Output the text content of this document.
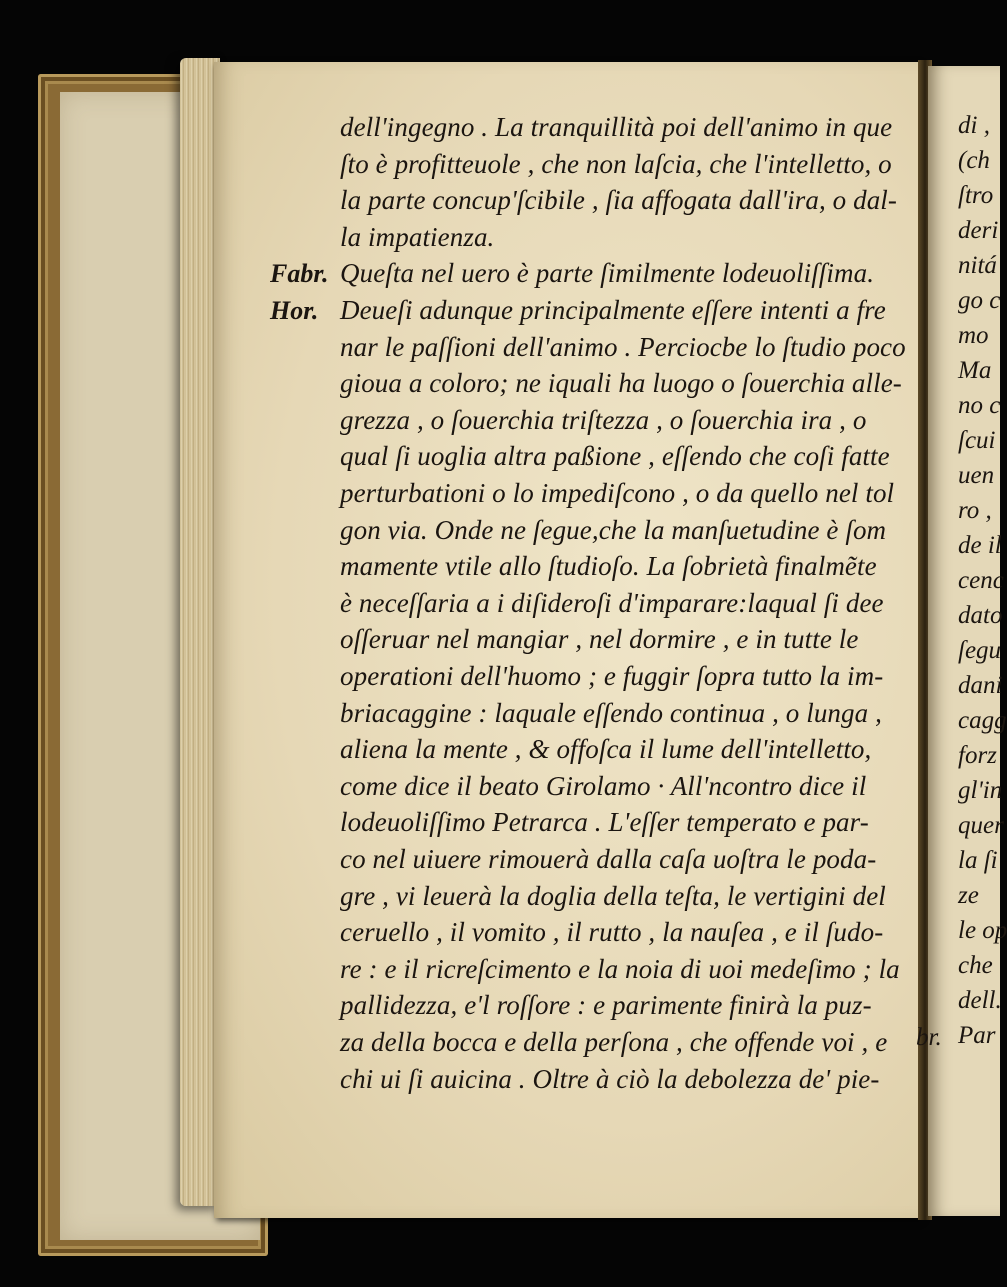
dell'ingegno . La tranquillità poi dell'animo in que
ſto è profitteuole , che non laſcia, che l'intelletto, o
la parte concup'ſcibile , ſia affogata dall'ira, o dal-
la impatienza.
Queſta nel uero è parte ſimilmente lodeuoliſſima.
Deueſi adunque principalmente eſſere intenti a fre
nar le paſſioni dell'animo . Perciocbe lo ſtudio poco
gioua a coloro; ne iquali ha luogo o ſouerchia alle-
grezza , o ſouerchia triſtezza , o ſouerchia ira , o
qual ſi uoglia altra paßione , eſſendo che coſi fatte
perturbationi o lo impediſcono , o da quello nel tol
gon via. Onde ne ſegue,che la manſuetudine è ſom
mamente vtile allo ſtudioſo. La ſobrietà finalmẽte
è neceſſaria a i diſideroſi d'imparare:laqual ſi dee
oſſeruar nel mangiar , nel dormire , e in tutte le
operationi dell'huomo ; e fuggir ſopra tutto la im-
briacaggine : laquale eſſendo continua , o lunga ,
aliena la mente , & offoſca il lume dell'intelletto,
come dice il beato Girolamo · All'ncontro dice il
lodeuoliſſimo Petrarca . L'eſſer temperato e par-
co nel uiuere rimouerà dalla caſa uoſtra le poda-
gre , vi leuerà la doglia della teſta, le vertigini del
ceruello , il vomito , il rutto , la nauſea , e il ſudo-
re : e il ricreſcimento e la noia di uoi medeſimo ; la
pallidezza, e'l roſſore : e parimente finirà la puz-
za della bocca e della perſona , che offende voi , e
chi ui ſi auicina . Oltre à ciò la debolezza de' pie-
Fabr.
Hor.
di ,
(ch
ſtro
deri
nitá
go c
mo
Ma
no c
ſcui
uen
ro ,
de il
cenc
dato
ſegu
dani
cagg
forz
gl'in
quer
la ſi
ze
le op
che
dell.
Par
br.
